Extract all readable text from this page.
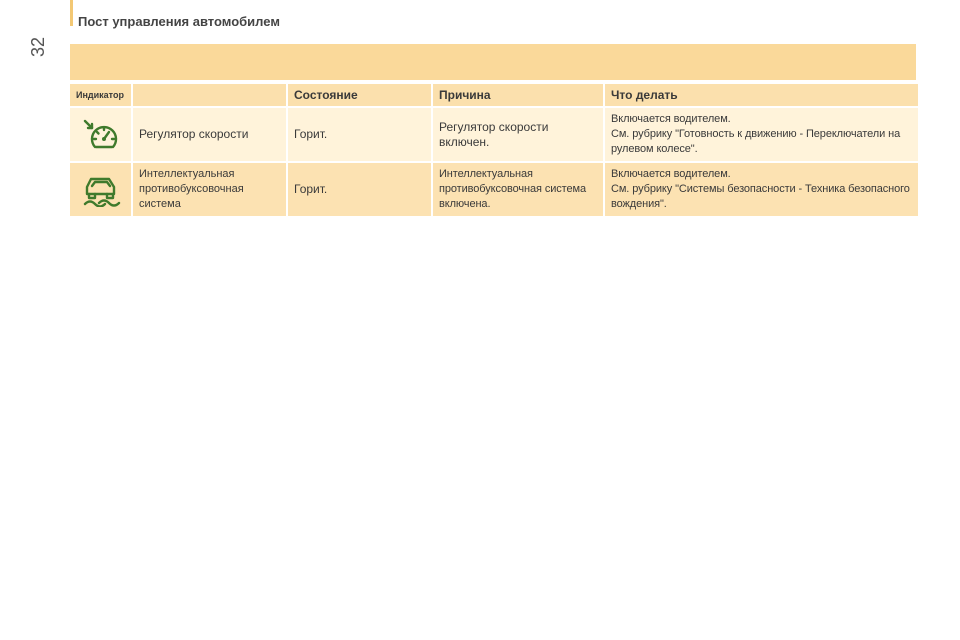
Пост управления автомобилем
32
Индикатор		Состояние	Причина	Что делать
	Регулятор скорости	Горит.	Регулятор скорости включен.	Включается водителем.
См. рубрику "Готовность к движению - Переключатели на рулевом колесе".

	Интеллектуальная противобуксовочная система	Горит.	Интеллектуальная противобуксовочная система включена.	Включается водителем.
См. рубрику "Системы безопасности - Техника безопасного вождения".
